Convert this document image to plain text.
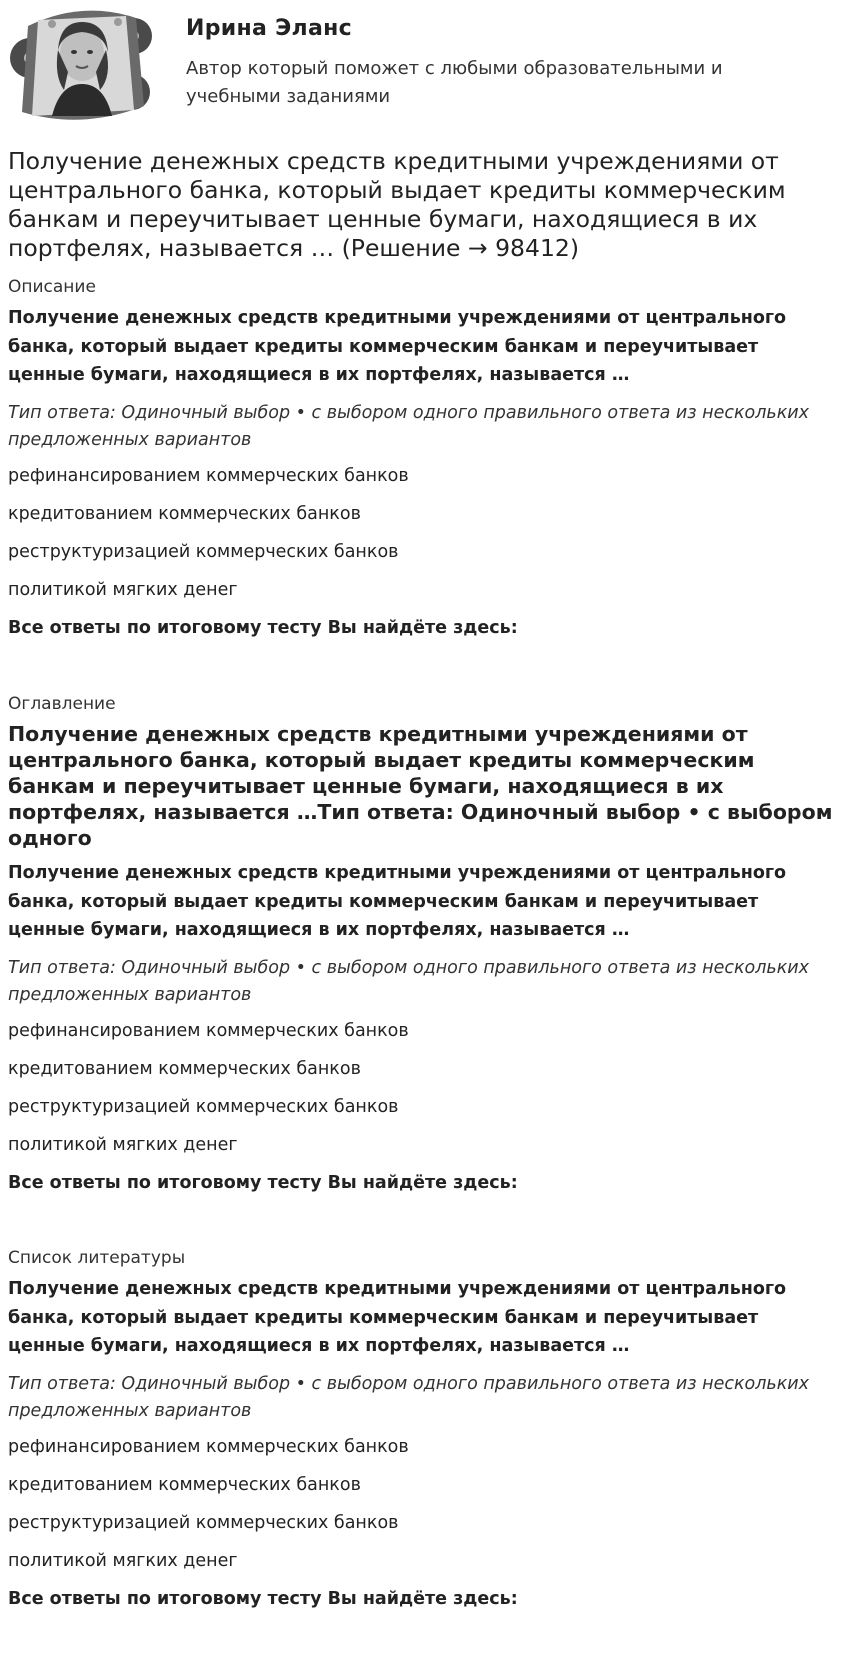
Ирина Эланс
Автор который поможет с любыми образовательными и учебными заданиями
Получение денежных средств кредитными учреждениями от центрального банка, который выдает кредиты коммерческим банкам и переучитывает ценные бумаги, находящиеся в их портфелях, называется … (Решение → 98412)
Описание
Получение денежных средств кредитными учреждениями от центрального банка, который выдает кредиты коммерческим банкам и переучитывает ценные бумаги, находящиеся в их портфелях, называется …
Тип ответа: Одиночный выбор • с выбором одного правильного ответа из нескольких предложенных вариантов
рефинансированием коммерческих банков
кредитованием коммерческих банков
реструктуризацией коммерческих банков
политикой мягких денег
Все ответы по итоговому тесту Вы найдёте здесь:
Оглавление
Получение денежных средств кредитными учреждениями от центрального банка, который выдает кредиты коммерческим банкам и переучитывает ценные бумаги, находящиеся в их портфелях, называется …Тип ответа: Одиночный выбор • с выбором одного
Получение денежных средств кредитными учреждениями от центрального банка, который выдает кредиты коммерческим банкам и переучитывает ценные бумаги, находящиеся в их портфелях, называется …
Тип ответа: Одиночный выбор • с выбором одного правильного ответа из нескольких предложенных вариантов
рефинансированием коммерческих банков
кредитованием коммерческих банков
реструктуризацией коммерческих банков
политикой мягких денег
Все ответы по итоговому тесту Вы найдёте здесь:
Список литературы
Получение денежных средств кредитными учреждениями от центрального банка, который выдает кредиты коммерческим банкам и переучитывает ценные бумаги, находящиеся в их портфелях, называется …
Тип ответа: Одиночный выбор • с выбором одного правильного ответа из нескольких предложенных вариантов
рефинансированием коммерческих банков
кредитованием коммерческих банков
реструктуризацией коммерческих банков
политикой мягких денег
Все ответы по итоговому тесту Вы найдёте здесь:
